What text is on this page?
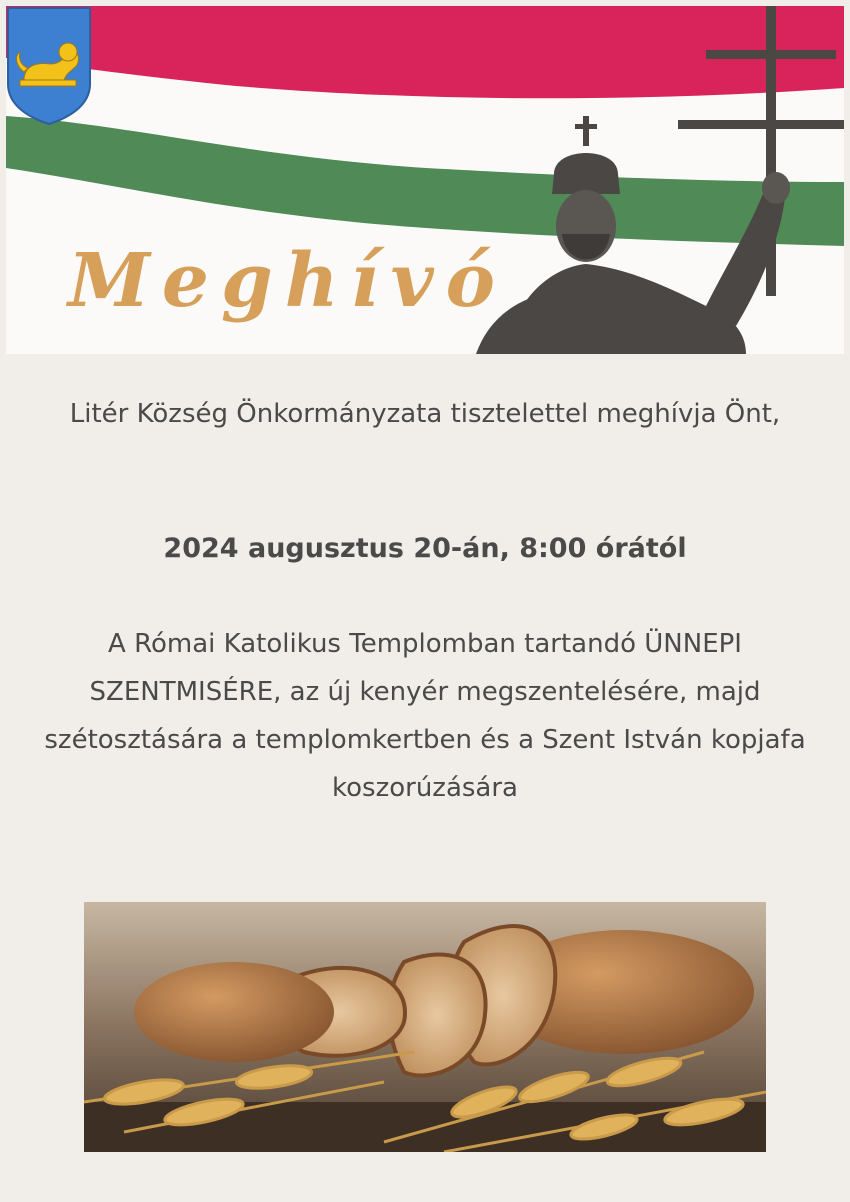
Meghívó
Litér Község Önkormányzata tisztelettel meghívja Önt,
2024 augusztus 20-án, 8:00 órától
A Római Katolikus Templomban tartandó ÜNNEPI SZENTMISÉRE, az új kenyér megszentelésére, majd szétosztására a templomkertben és a Szent István kopjafa koszorúzására
